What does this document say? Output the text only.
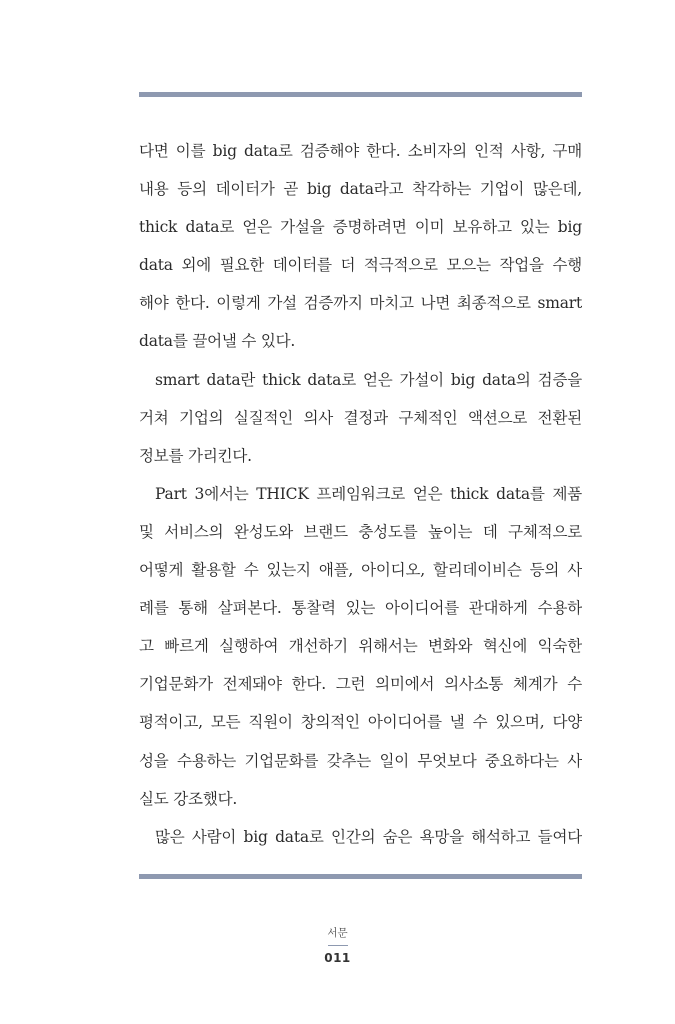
다면 이를 big data로 검증해야 한다. 소비자의 인적 사항, 구매
내용 등의 데이터가 곧 big data라고 착각하는 기업이 많은데,
thick data로 얻은 가설을 증명하려면 이미 보유하고 있는 big
data 외에 필요한 데이터를 더 적극적으로 모으는 작업을 수행
해야 한다. 이렇게 가설 검증까지 마치고 나면 최종적으로 smart
data를 끌어낼 수 있다.
smart data란 thick data로 얻은 가설이 big data의 검증을
거쳐 기업의 실질적인 의사 결정과 구체적인 액션으로 전환된
정보를 가리킨다.
Part 3에서는 THICK 프레임워크로 얻은 thick data를 제품
및 서비스의 완성도와 브랜드 충성도를 높이는 데 구체적으로
어떻게 활용할 수 있는지 애플, 아이디오, 할리데이비슨 등의 사
례를 통해 살펴본다. 통찰력 있는 아이디어를 관대하게 수용하
고 빠르게 실행하여 개선하기 위해서는 변화와 혁신에 익숙한
기업문화가 전제돼야 한다. 그런 의미에서 의사소통 체계가 수
평적이고, 모든 직원이 창의적인 아이디어를 낼 수 있으며, 다양
성을 수용하는 기업문화를 갖추는 일이 무엇보다 중요하다는 사
실도 강조했다.
많은 사람이 big data로 인간의 숨은 욕망을 해석하고 들여다
서문
011
